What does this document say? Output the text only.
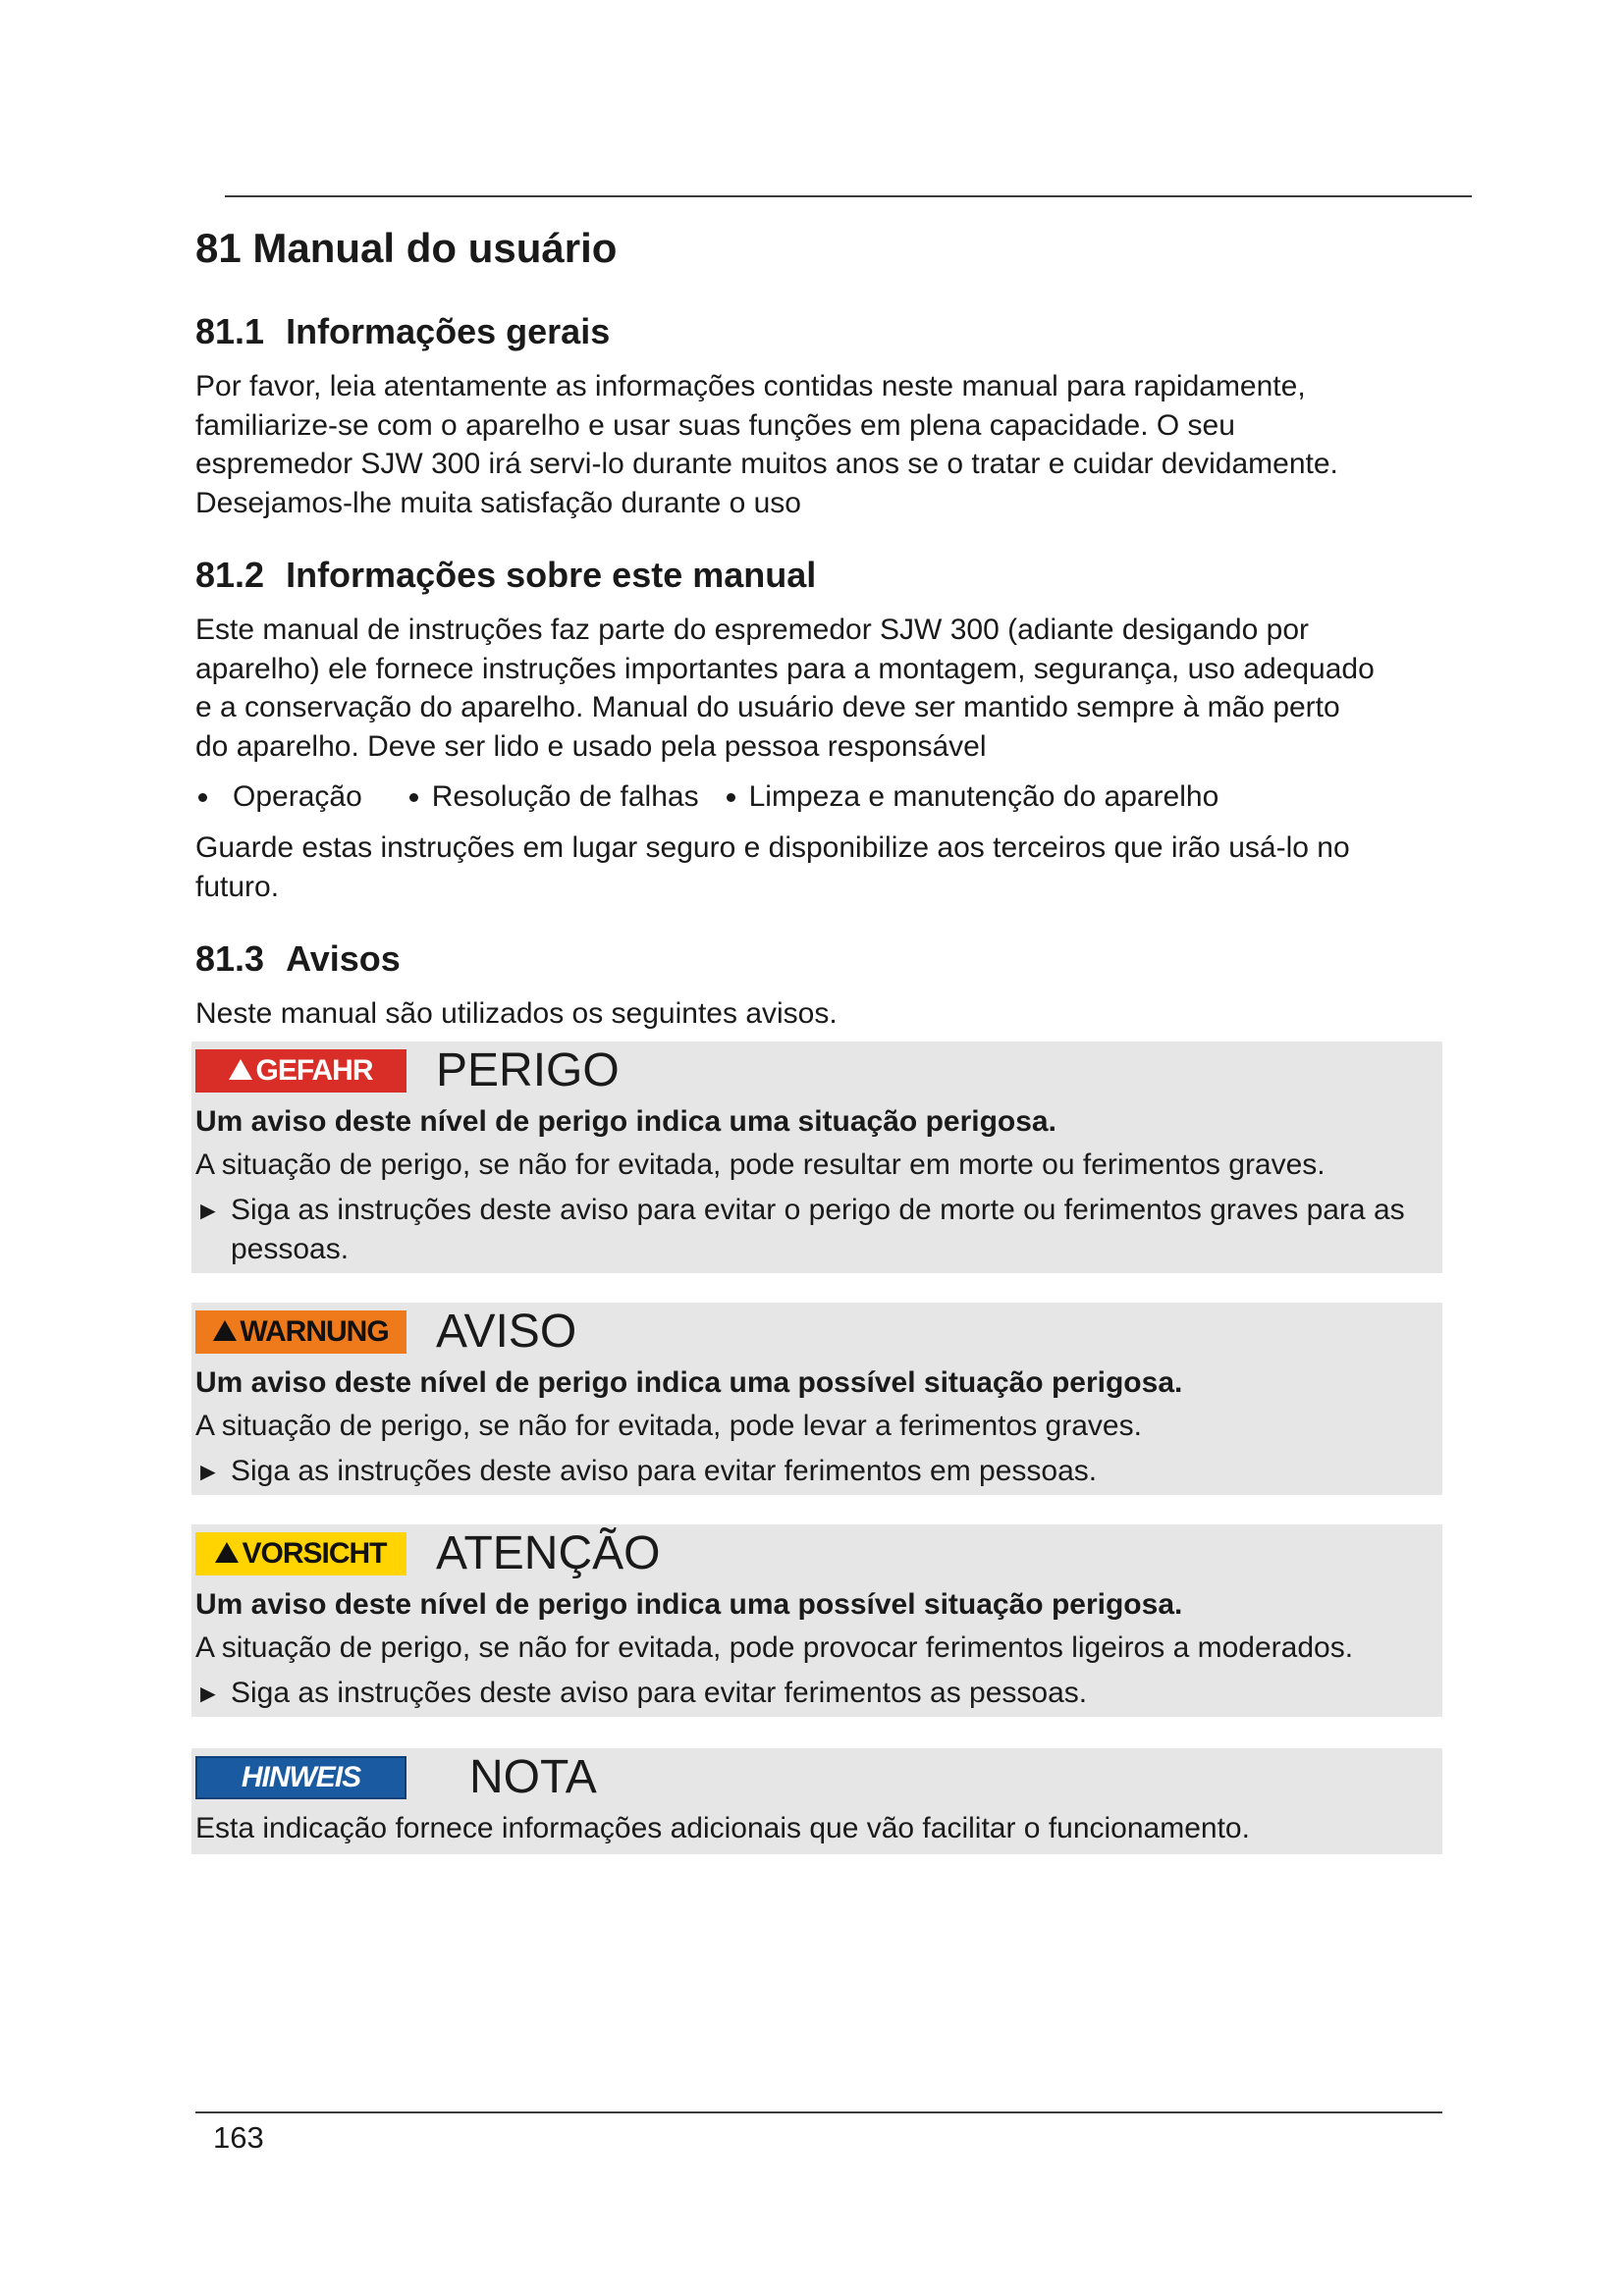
81 Manual do usuário
81.1 Informações gerais

Por favor, leia atentamente as informações contidas neste manual para rapidamente,

familiarize-se com o aparelho e usar suas funções em plena capacidade. O seu

espremedor SJW 300 irá servi-lo durante muitos anos se o tratar e cuidar devidamente.

Desejamos-lhe muita satisfação durante o uso

81.2 Informações sobre este manual

Este manual de instruções faz parte do espremedor SJW 300 (adiante desigando por

aparelho) ele fornece instruções importantes para a montagem, segurança, uso adequado

e a conservação do aparelho. Manual do usuário deve ser mantido sempre à mão perto

do aparelho. Deve ser lido e usado pela pessoa responsável

Operação Resolução de falhas Limpeza e manutenção do aparelho

Guarde estas instruções em lugar seguro e disponibilize aos terceiros que irão usá-lo no

futuro.

81.3 Avisos

Neste manual são utilizados os seguintes avisos.

GEFAHR PERIGO
Um aviso deste nível de perigo indica uma situação perigosa.
A situação de perigo, se não for evitada, pode resultar em morte ou ferimentos graves.
► Siga as instruções deste aviso para evitar o perigo de morte ou ferimentos graves para as pessoas.
WARNUNG AVISO
Um aviso deste nível de perigo indica uma possível situação perigosa.
A situação de perigo, se não for evitada, pode levar a ferimentos graves.
► Siga as instruções deste aviso para evitar ferimentos em pessoas.
VORSICHT ATENÇÃO
Um aviso deste nível de perigo indica uma possível situação perigosa.
A situação de perigo, se não for evitada, pode provocar ferimentos ligeiros a moderados.
► Siga as instruções deste aviso para evitar ferimentos as pessoas.
HINWEIS NOTA
Esta indicação fornece informações adicionais que vão facilitar o funcionamento.
163
